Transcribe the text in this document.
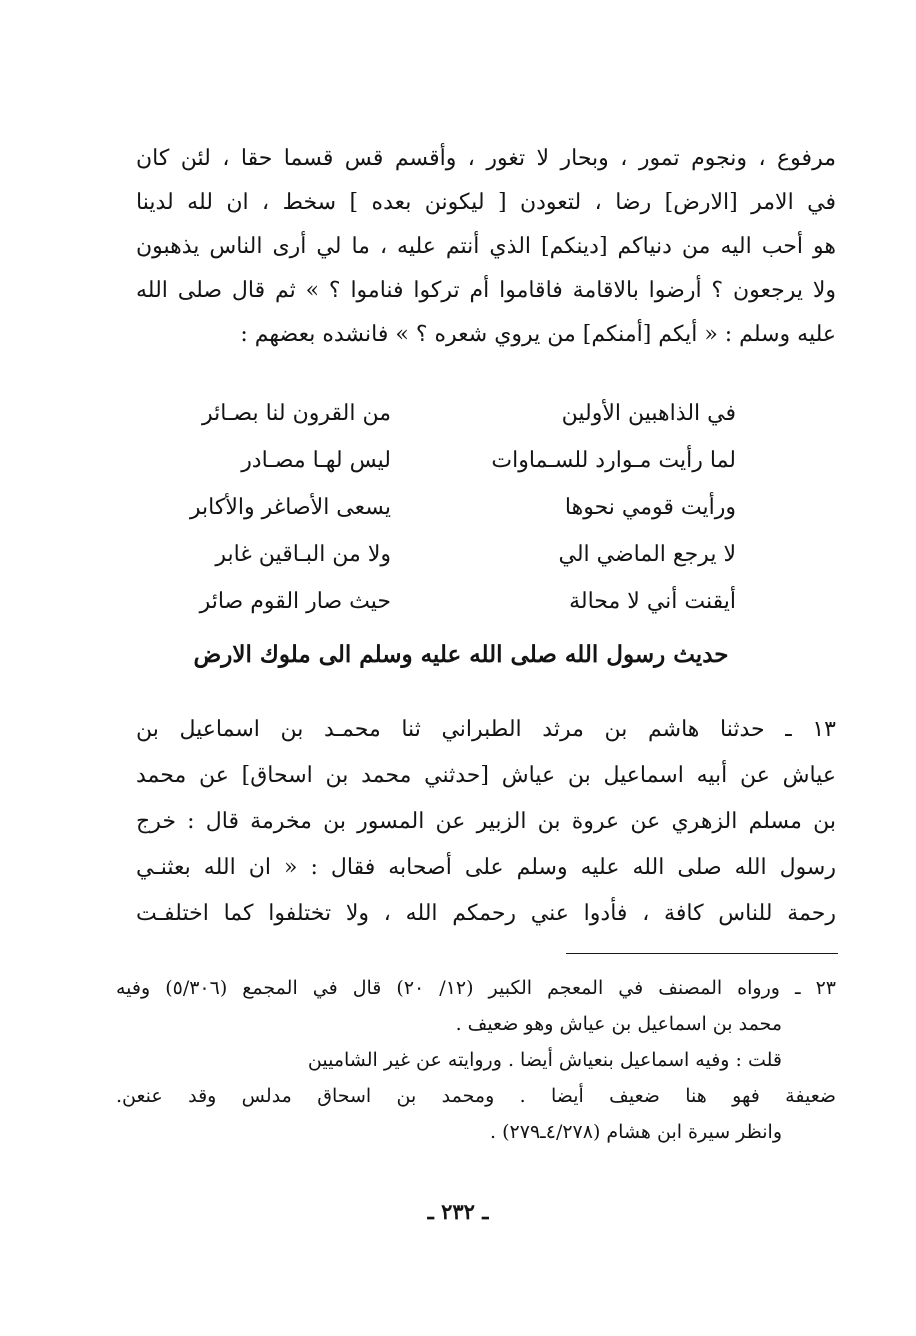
مرفوع ، ونجوم تمور ، وبحار لا تغور ، وأقسم قس قسما حقا ، لئن كان
في الامر [الارض] رضا ، لتعودن [ ليكونن بعده ] سخط ، ان لله لدينا
هو أحب اليه من دنياكم [دينكم] الذي أنتم عليه ، ما لي أرى الناس يذهبون
ولا يرجعون ؟ أرضوا بالاقامة فاقاموا أم تركوا فناموا ؟ » ثم قال صلى الله
عليه وسلم : « أيكم [أمنكم] من يروي شعره ؟ » فانشده بعضهم :
في الذاهبين الأولين
من القرون لنا بصـائر
لما رأيت مـوارد للسـماوات
ليس لهـا مصـادر
ورأيت قومي نحوها
يسعى الأصاغر والأكابر
لا يرجع الماضي الي
ولا من البـاقين غابر
أيقنت أني لا محالة
حيث صار القوم صائر
حديث رسول الله صلى الله عليه وسلم الى ملوك الارض
١٣ ـ حدثنا هاشم بن مرثد الطبراني ثنا محمـد بن اسماعيل بن
عياش عن أبيه اسماعيل بن عياش [حدثني محمد بن اسحاق] عن محمد
بن مسلم الزهري عن عروة بن الزبير عن المسور بن مخرمة قال : خرج
رسول الله صلى الله عليه وسلم على أصحابه فقال : « ان الله بعثنـي
رحمة للناس كافة ، فأدوا عني رحمكم الله ، ولا تختلفوا كما اختلفـت
٢٣ ـ ورواه المصنف في المعجم الكبير (١٢/ ٢٠) قال في المجمع (٥/٣٠٦) وفيه
محمد بن اسماعيل بن عياش وهو ضعيف .
قلت : وفيه اسماعيل بنعياش أيضا . وروايته عن غير الشاميين
ضعيفة فهو هنا ضعيف أيضا . ومحمد بن اسحاق مدلس وقد عنعن.
وانظر سيرة ابن هشام (٤/٢٧٨ـ٢٧٩) .
ـ ٢٣٢ ـ
